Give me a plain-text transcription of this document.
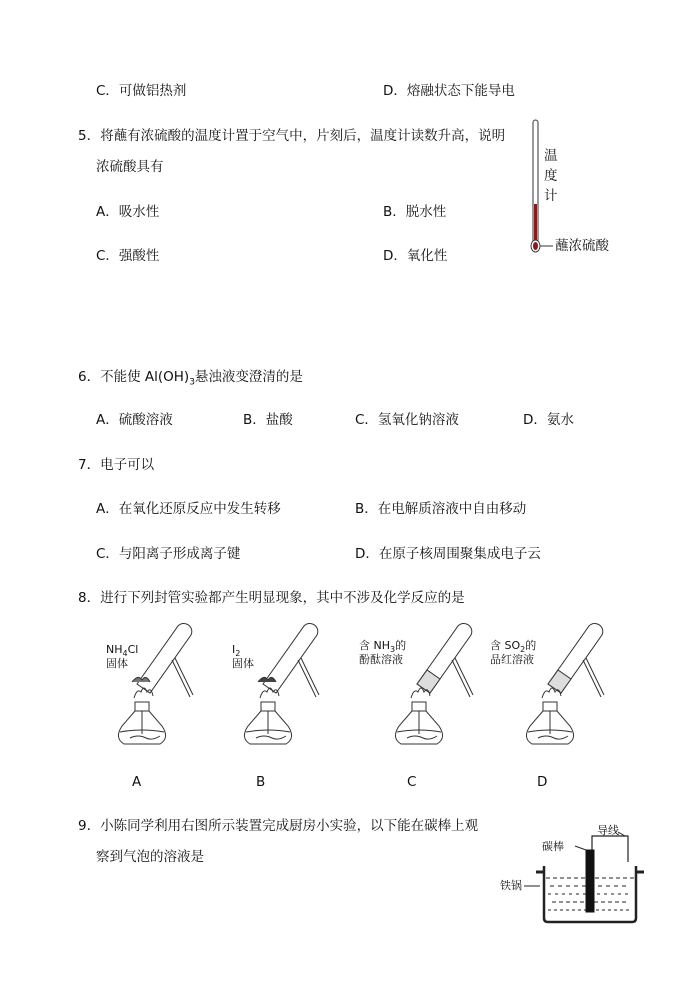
C．可做铝热剂	D．熔融状态下能导电
5．将蘸有浓硫酸的温度计置于空气中，片刻后，温度计读数升高，说明
浓硫酸具有
A．吸水性	B．脱水性
C．强酸性	D．氧化性
温
度
计
蘸浓硫酸
6．不能使 $Al(OH)_3$悬浊液变澄清的是
A．硫酸溶液	B．盐酸	C．氢氧化钠溶液	D．氨水
7．电子可以
A．在氧化还原反应中发生转移	B．在电解质溶液中自由移动
C．与阳离子形成离子键	D．在原子核周围聚集成电子云
8．进行下列封管实验都产生明显现象，其中不涉及化学反应的是
$NH_4Cl$
固体
A
$I_2$
固体
B
含 $NH_3$的
酚酞溶液
C
含 $SO_2$的
品红溶液
D
9．小陈同学利用右图所示装置完成厨房小实验，以下能在碳棒上观
察到气泡的溶液是
碳棒
导线
铁锅
